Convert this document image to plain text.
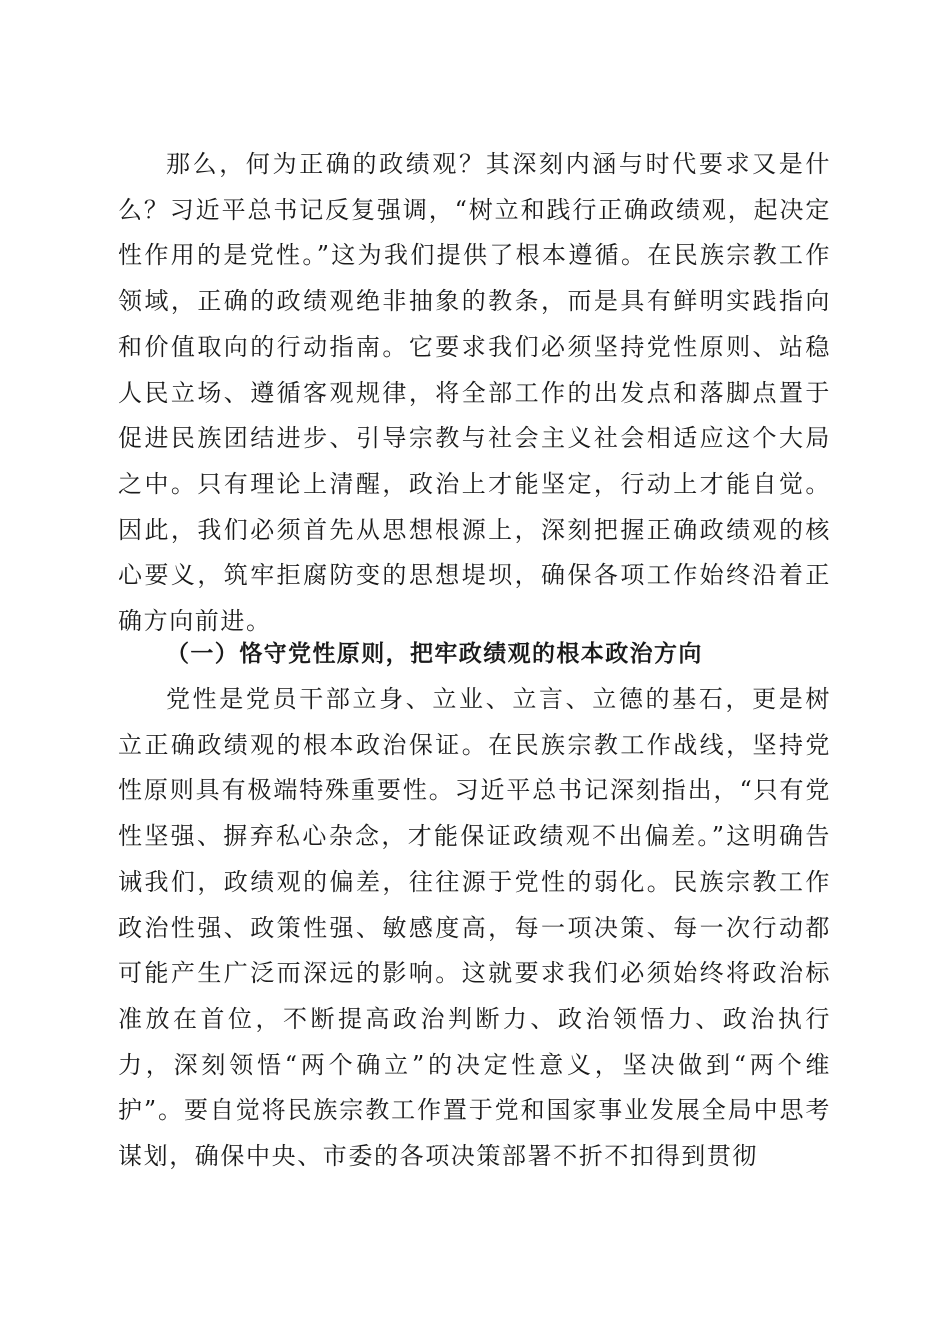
那么，何为正确的政绩观？其深刻内涵与时代要求又是什么？习近平总书记反复强调，“树立和践行正确政绩观，起决定性作用的是党性。”这为我们提供了根本遵循。在民族宗教工作领域，正确的政绩观绝非抽象的教条，而是具有鲜明实践指向和价值取向的行动指南。它要求我们必须坚持党性原则、站稳人民立场、遵循客观规律，将全部工作的出发点和落脚点置于促进民族团结进步、引导宗教与社会主义社会相适应这个大局之中。只有理论上清醒，政治上才能坚定，行动上才能自觉。因此，我们必须首先从思想根源上，深刻把握正确政绩观的核心要义，筑牢拒腐防变的思想堤坝，确保各项工作始终沿着正确方向前进。

（一）恪守党性原则，把牢政绩观的根本政治方向

党性是党员干部立身、立业、立言、立德的基石，更是树立正确政绩观的根本政治保证。在民族宗教工作战线，坚持党性原则具有极端特殊重要性。习近平总书记深刻指出，“只有党性坚强、摒弃私心杂念，才能保证政绩观不出偏差。”这明确告诫我们，政绩观的偏差，往往源于党性的弱化。民族宗教工作政治性强、政策性强、敏感度高，每一项决策、每一次行动都可能产生广泛而深远的影响。这就要求我们必须始终将政治标准放在首位，不断提高政治判断力、政治领悟力、政治执行力，深刻领悟“两个确立”的决定性意义，坚决做到“两个维护”。要自觉将民族宗教工作置于党和国家事业发展全局中思考谋划，确保中央、市委的各项决策部署不折不扣得到贯彻
